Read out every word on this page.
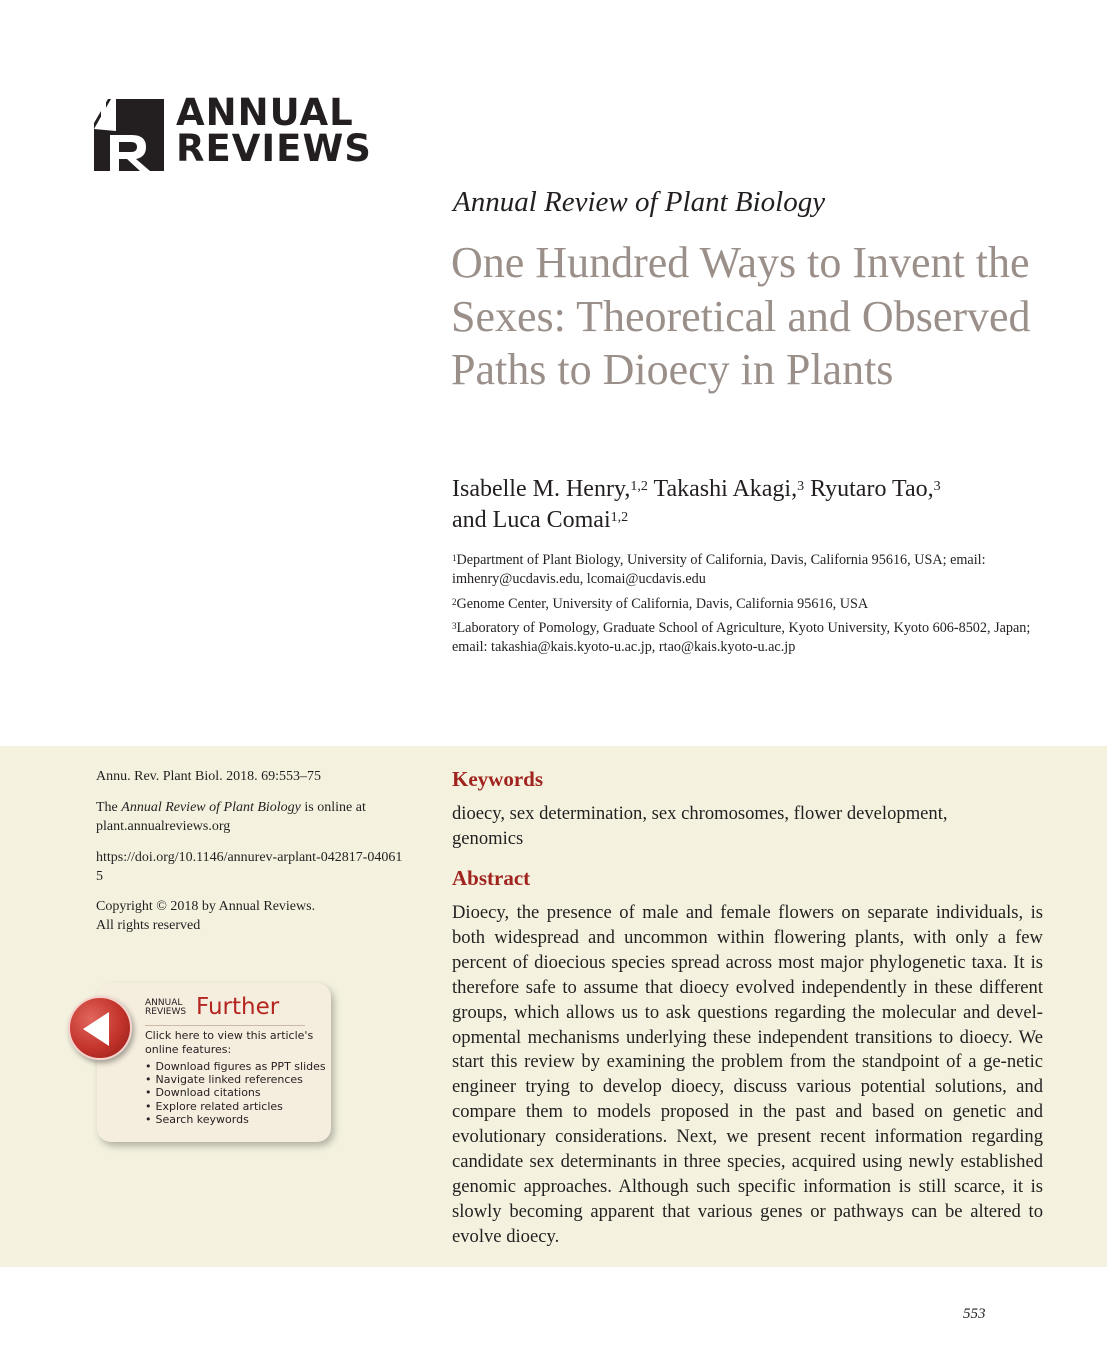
ANNUAL
REVIEWS
Annual Review of Plant Biology
One Hundred Ways to Invent the Sexes: Theoretical and Observed Paths to Dioecy in Plants
Isabelle M. Henry,$^{1,2}$ Takashi Akagi,$^3$ Ryutaro Tao,$^3$
and Luca Comai$^{1,2}$
$^1$Department of Plant Biology, University of California, Davis, California 95616, USA; email: imhenry@ucdavis.edu, lcomai@ucdavis.edu
$^2$Genome Center, University of California, Davis, California 95616, USA
$^3$Laboratory of Pomology, Graduate School of Agriculture, Kyoto University, Kyoto 606-8502, Japan; email: takashia@kais.kyoto-u.ac.jp, rtao@kais.kyoto-u.ac.jp
Annu. Rev. Plant Biol. 2018. 69:553–75
The Annual Review of Plant Biology is online at plant.annualreviews.org
https://doi.org/10.1146/annurev-arplant-042817-040615
Copyright © 2018 by Annual Reviews.
All rights reserved
ANNUAL
REVIEWS Further
Click here to view this article's online features:
• Download figures as PPT slides
• Navigate linked references
• Download citations
• Explore related articles
• Search keywords
Keywords
dioecy, sex determination, sex chromosomes, flower development, genomics
Abstract
Dioecy, the presence of male and female flowers on separate individuals, is both widespread and uncommon within flowering plants, with only a few percent of dioecious species spread across most major phylogenetic taxa. It is therefore safe to assume that dioecy evolved independently in these different groups, which allows us to ask questions regarding the molecular and devel-opmental mechanisms underlying these independent transitions to dioecy. We start this review by examining the problem from the standpoint of a ge-netic engineer trying to develop dioecy, discuss various potential solutions, and compare them to models proposed in the past and based on genetic and evolutionary considerations. Next, we present recent information regarding candidate sex determinants in three species, acquired using newly established genomic approaches. Although such specific information is still scarce, it is slowly becoming apparent that various genes or pathways can be altered to evolve dioecy.
553
